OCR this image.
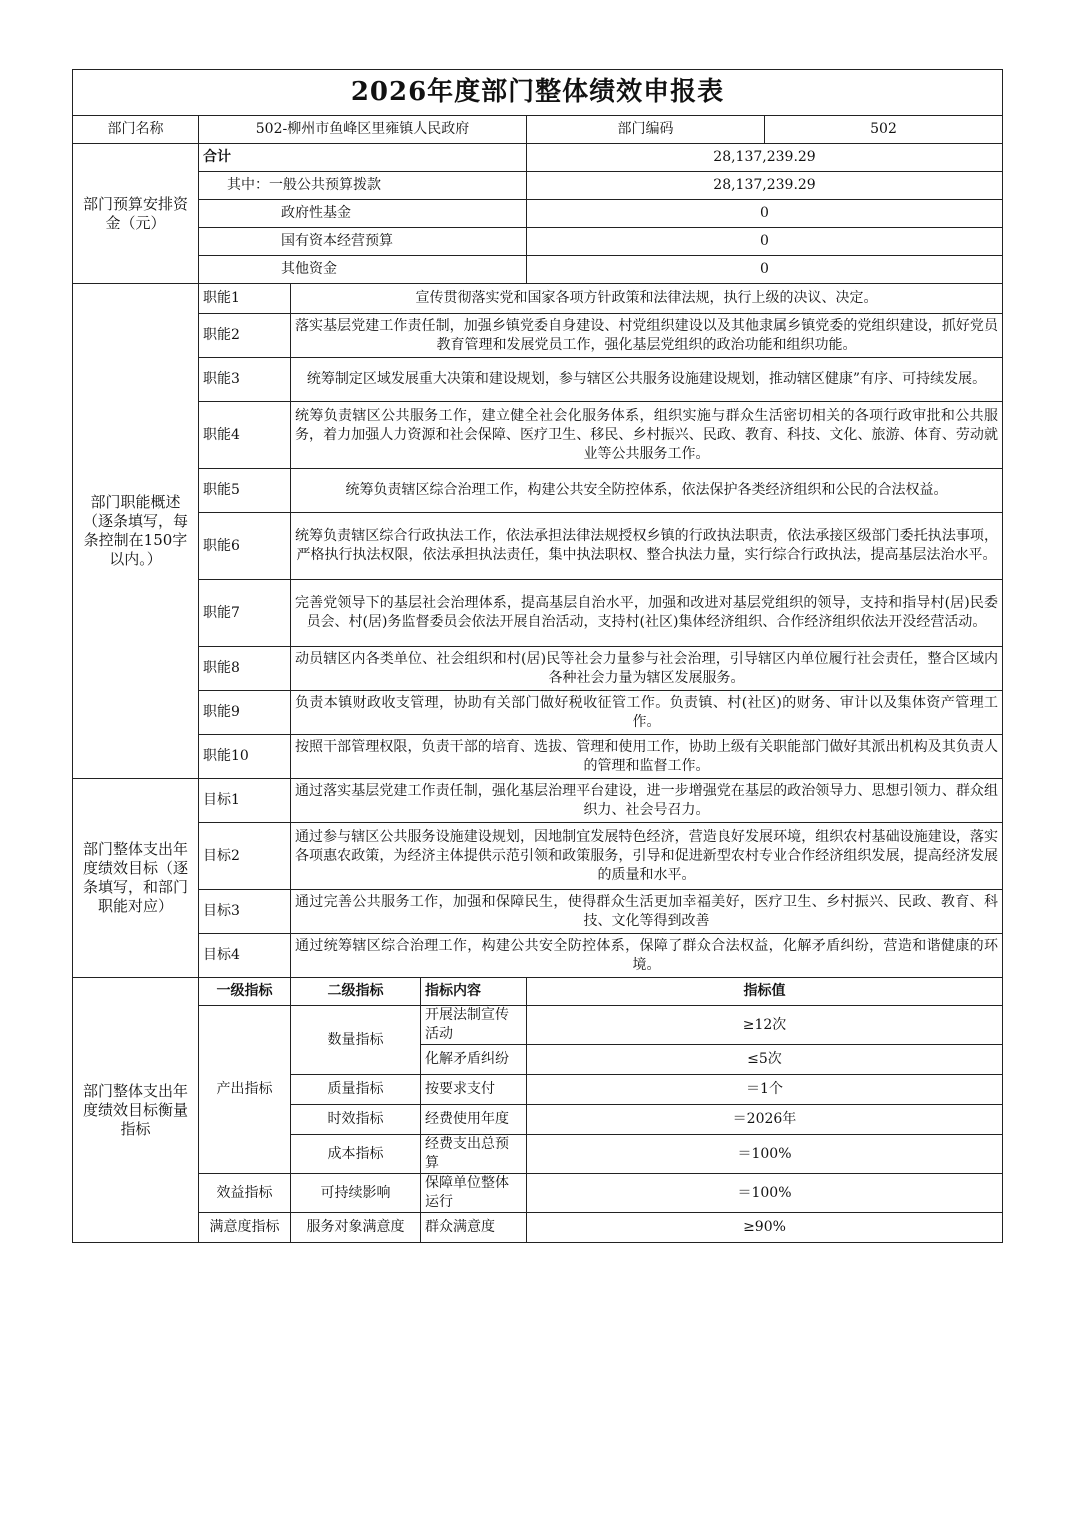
2026年度部门整体绩效申报表					
部门名称	502-柳州市鱼峰区里雍镇人民政府			部门编码	502
部门预算安排资金（元）	合计			28,137,239.29	
	其中：一般公共预算拨款			28,137,239.29	
	政府性基金			0	
	国有资本经营预算			0	
	其他资金			0	
部门职能概述（逐条填写，每条控制在150字以内。）	职能1	宣传贯彻落实党和国家各项方针政策和法律法规，执行上级的决议、决定。			
	职能2	落实基层党建工作责任制，加强乡镇党委自身建设、村党组织建设以及其他隶属乡镇党委的党组织建设，抓好党员教育管理和发展党员工作，强化基层党组织的政治功能和组织功能。			
	职能3	统筹制定区域发展重大决策和建设规划，参与辖区公共服务设施建设规划，推动辖区健康”有序、可持续发展。			
	职能4	统筹负责辖区公共服务工作，建立健全社会化服务体系，组织实施与群众生活密切相关的各项行政审批和公共服务，着力加强人力资源和社会保障、医疗卫生、移民、乡村振兴、民政、教育、科技、文化、旅游、体育、劳动就业等公共服务工作。			
	职能5	统筹负责辖区综合治理工作，构建公共安全防控体系，依法保护各类经济组织和公民的合法权益。			
	职能6	统筹负责辖区综合行政执法工作，依法承担法律法规授权乡镇的行政执法职责，依法承接区级部门委托执法事项，严格执行执法权限，依法承担执法责任，集中执法职权、整合执法力量，实行综合行政执法，提高基层法治水平。			
	职能7	完善党领导下的基层社会治理体系，提高基层自治水平，加强和改进对基层党组织的领导，支持和指导村(居)民委员会、村(居)务监督委员会依法开展自治活动，支持村(社区)集体经济组织、合作经济组织依法开没经营活动。			
	职能8	动员辖区内各类单位、社会组织和村(居)民等社会力量参与社会治理，引导辖区内单位履行社会责任，整合区域内各种社会力量为辖区发展服务。			
	职能9	负责本镇财政收支管理，协助有关部门做好税收征管工作。负责镇、村(社区)的财务、审计以及集体资产管理工作。			
	职能10	按照干部管理权限，负责干部的培育、选拔、管理和使用工作，协助上级有关职能部门做好其派出机构及其负责人的管理和监督工作。			
部门整体支出年度绩效目标（逐条填写，和部门职能对应）	目标1	通过落实基层党建工作责任制，强化基层治理平台建设，进一步增强党在基层的政治领导力、思想引领力、群众组织力、社会号召力。			
	目标2	通过参与辖区公共服务设施建设规划，因地制宜发展特色经济，营造良好发展环境，组织农村基础设施建设，落实各项惠农政策，为经济主体提供示范引领和政策服务，引导和促进新型农村专业合作经济组织发展，提高经济发展的质量和水平。			
	目标3	通过完善公共服务工作，加强和保障民生，使得群众生活更加幸福美好，医疗卫生、乡村振兴、民政、教育、科技、文化等得到改善			
	目标4	通过统筹辖区综合治理工作，构建公共安全防控体系，保障了群众合法权益，化解矛盾纠纷，营造和谐健康的环境。			
部门整体支出年度绩效目标衡量指标	一级指标	二级指标	指标内容	指标值	
	产出指标	数量指标	开展法制宣传活动	≥12次	
			化解矛盾纠纷	≤5次	
		质量指标	按要求支付	＝1个	
		时效指标	经费使用年度	＝2026年	
		成本指标	经费支出总预算	＝100%	
	效益指标	可持续影响	保障单位整体运行	＝100%	
	满意度指标	服务对象满意度	群众满意度	≥90%	
